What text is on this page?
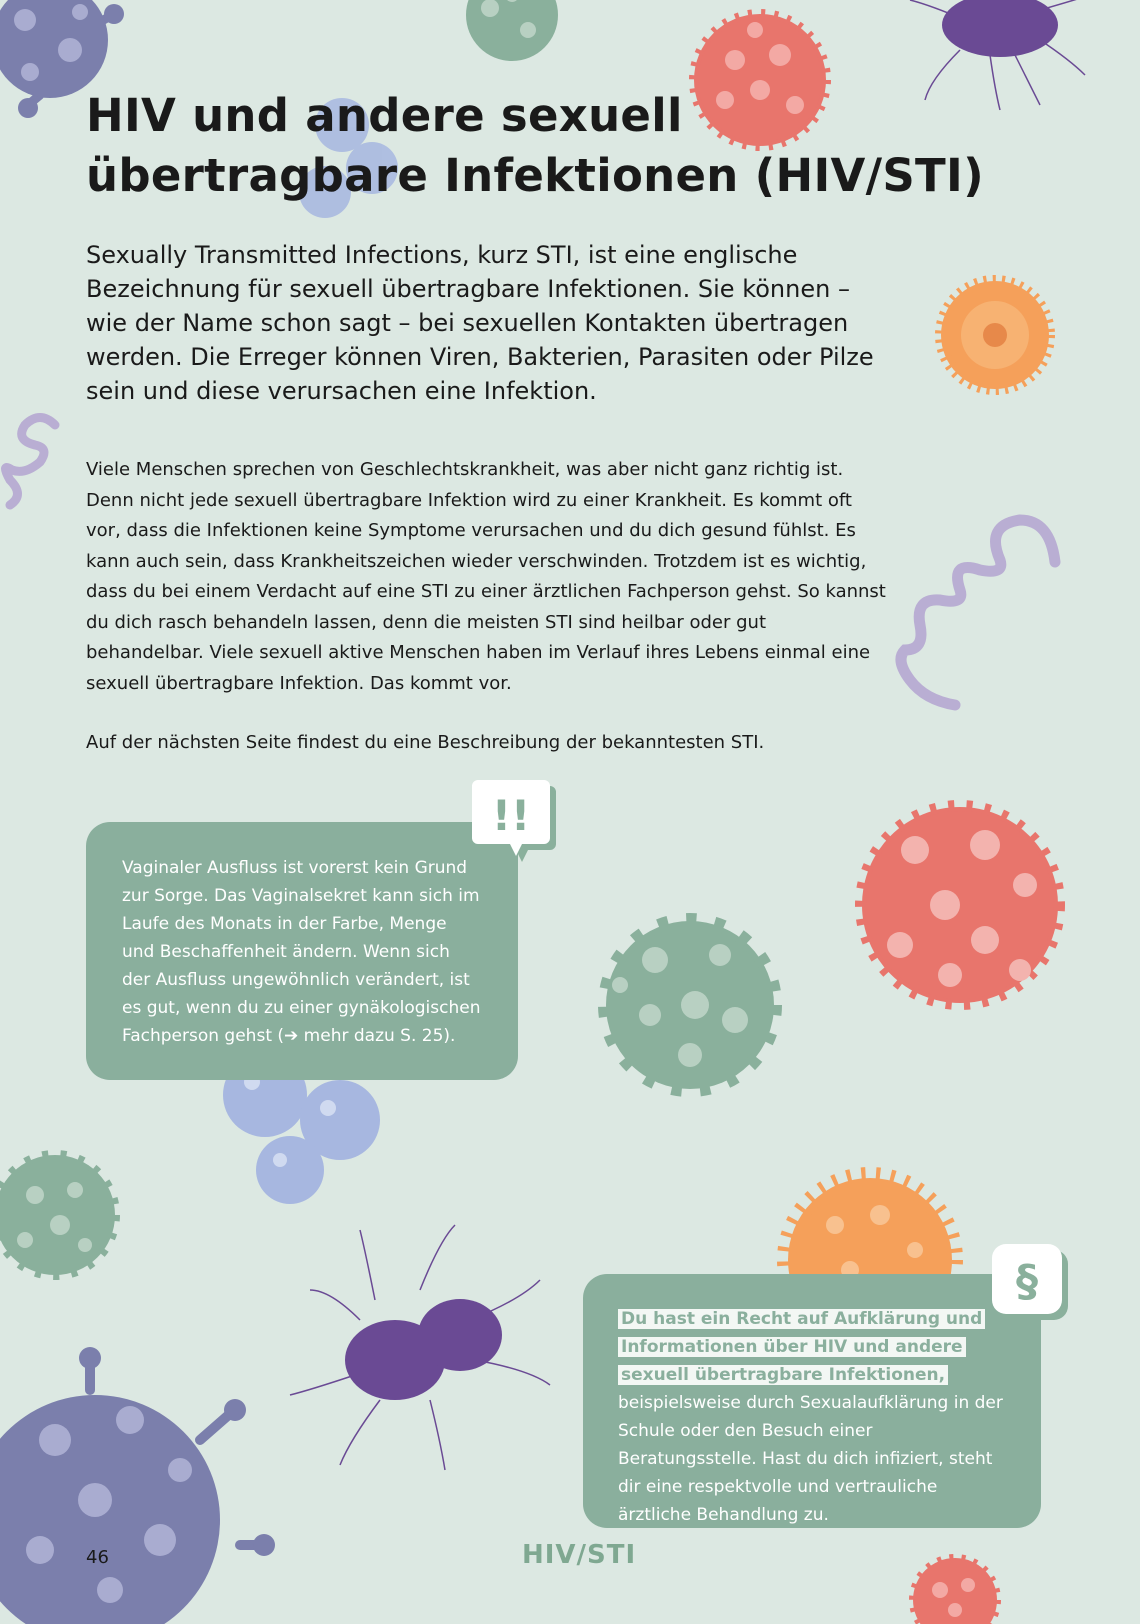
HIV und andere sexuell übertragbare Infektionen (HIV/STI)

Sexually Transmitted Infections, kurz STI, ist eine englische Bezeichnung für sexuell übertragbare Infektionen. Sie können – wie der Name schon sagt – bei sexuellen Kontakten übertragen werden. Die Erreger können Viren, Bakterien, Parasiten oder Pilze sein und diese verursachen eine Infektion.

Viele Menschen sprechen von Geschlechtskrankheit, was aber nicht ganz richtig ist. Denn nicht jede sexuell übertragbare Infektion wird zu einer Krankheit. Es kommt oft vor, dass die Infektionen keine Symptome verursachen und du dich gesund fühlst. Es kann auch sein, dass Krankheitszeichen wieder verschwinden. Trotzdem ist es wichtig, dass du bei einem Verdacht auf eine STI zu einer ärztlichen Fachperson gehst. So kannst du dich rasch behandeln lassen, denn die meisten STI sind heilbar oder gut behandelbar. Viele sexuell aktive Menschen haben im Verlauf ihres Lebens einmal eine sexuell übertragbare Infektion. Das kommt vor.

Auf der nächsten Seite findest du eine Beschreibung der bekanntesten STI.

Vaginaler Ausfluss ist vorerst kein Grund zur Sorge. Das Vaginalsekret kann sich im Laufe des Monats in der Farbe, Menge und Beschaffenheit ändern. Wenn sich der Ausfluss ungewöhnlich verändert, ist es gut, wenn du zu einer gynäkologischen Fachperson gehst (➔ mehr dazu S. 25).
!!
Du hast ein Recht auf Aufklärung und Informationen über HIV und andere sexuell übertragbare Infektionen, beispielsweise durch Sexualaufklärung in der Schule oder den Besuch einer Beratungsstelle. Hast du dich infiziert, steht dir eine respektvolle und vertrauliche ärztliche Behandlung zu.
§
46	HIV/STI
